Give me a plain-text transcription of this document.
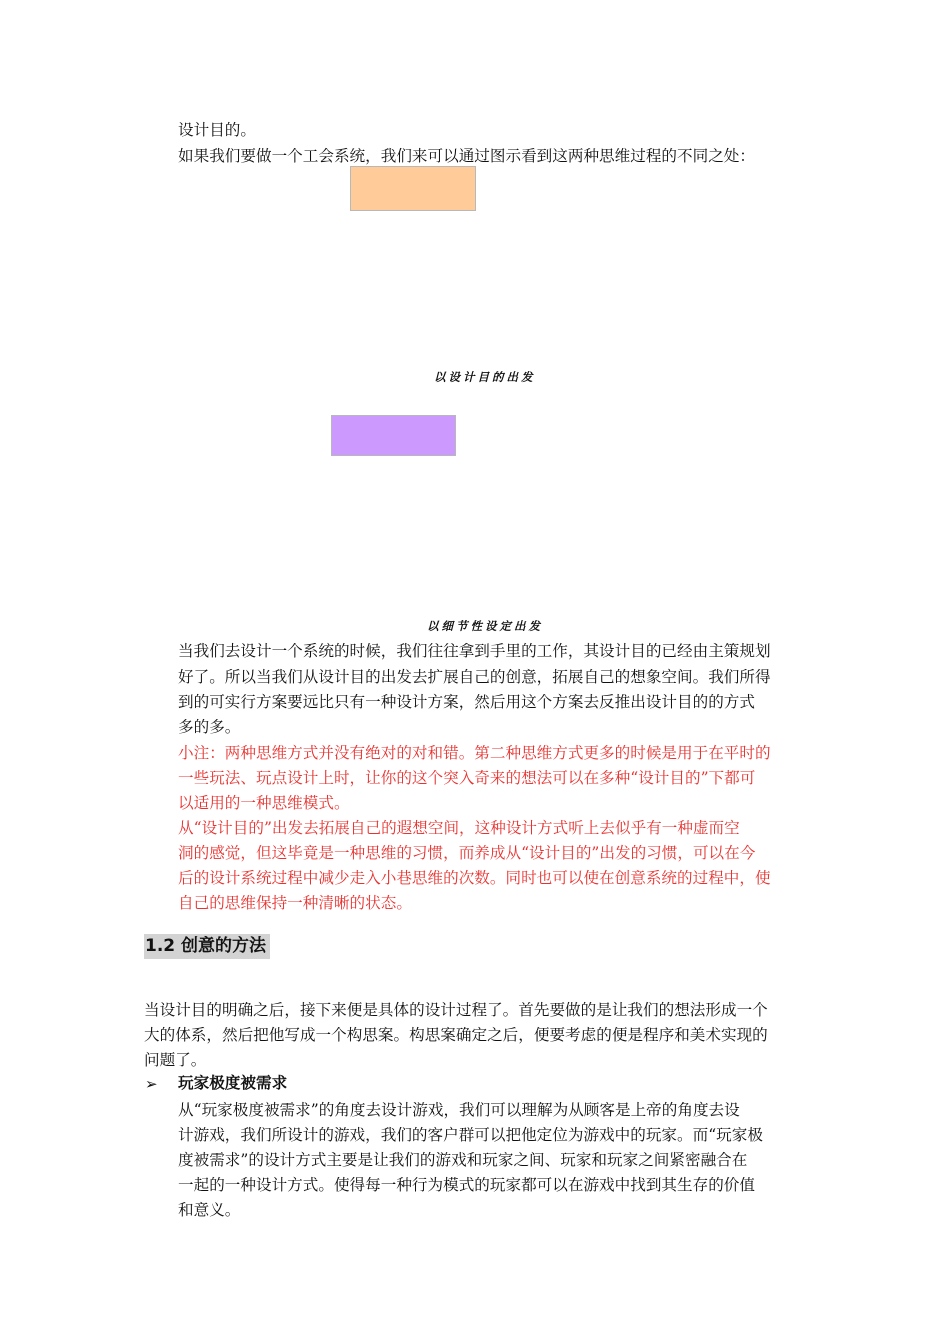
设计目的。
如果我们要做一个工会系统，我们来可以通过图示看到这两种思维过程的不同之处：
以设计目的出发
以细节性设定出发
当我们去设计一个系统的时候，我们往往拿到手里的工作，其设计目的已经由主策规划
好了。所以当我们从设计目的出发去扩展自己的创意，拓展自己的想象空间。我们所得
到的可实行方案要远比只有一种设计方案，然后用这个方案去反推出设计目的的方式
多的多。
小注：两种思维方式并没有绝对的对和错。第二种思维方式更多的时候是用于在平时的
一些玩法、玩点设计上时，让你的这个突入奇来的想法可以在多种“设计目的”下都可
以适用的一种思维模式。
从“设计目的”出发去拓展自己的遐想空间，这种设计方式听上去似乎有一种虚而空
洞的感觉，但这毕竟是一种思维的习惯，而养成从“设计目的”出发的习惯，可以在今
后的设计系统过程中减少走入小巷思维的次数。同时也可以使在创意系统的过程中，使
自己的思维保持一种清晰的状态。
1.2 创意的方法
当设计目的明确之后，接下来便是具体的设计过程了。首先要做的是让我们的想法形成一个
大的体系，然后把他写成一个构思案。构思案确定之后，便要考虑的便是程序和美术实现的
问题了。
➢ 玩家极度被需求
从“玩家极度被需求”的角度去设计游戏，我们可以理解为从顾客是上帝的角度去设
计游戏，我们所设计的游戏，我们的客户群可以把他定位为游戏中的玩家。而“玩家极
度被需求”的设计方式主要是让我们的游戏和玩家之间、玩家和玩家之间紧密融合在
一起的一种设计方式。使得每一种行为模式的玩家都可以在游戏中找到其生存的价值
和意义。
